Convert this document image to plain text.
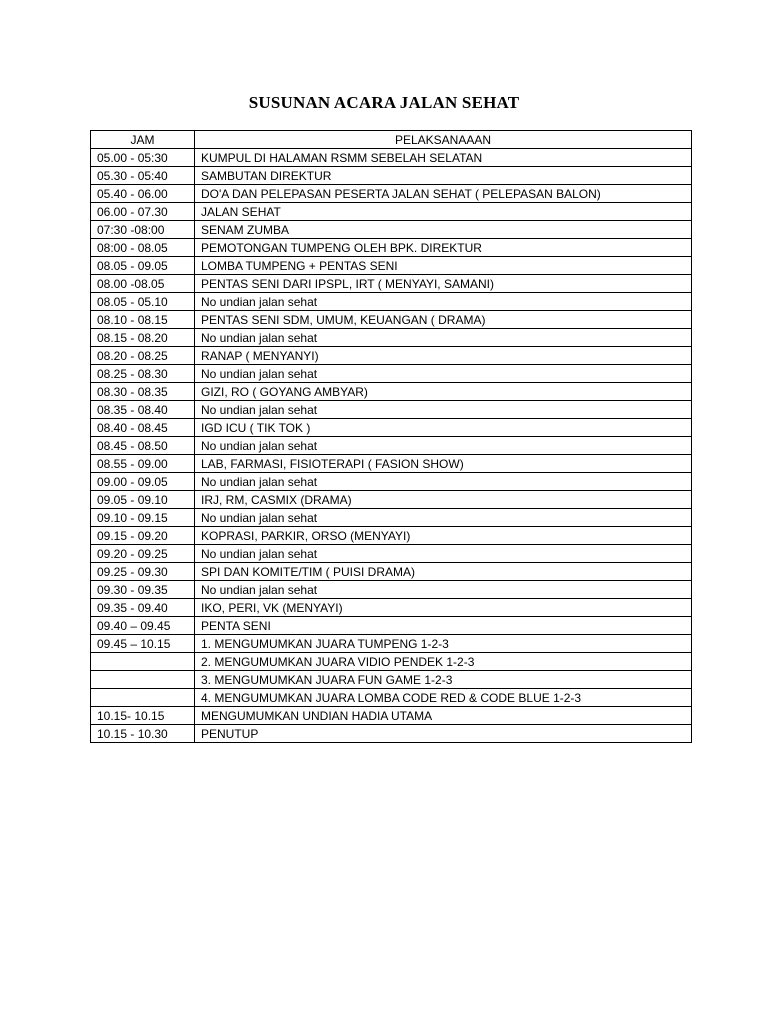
SUSUNAN ACARA JALAN SEHAT
JAM	PELAKSANAAAN
05.00 - 05:30	KUMPUL DI HALAMAN RSMM SEBELAH SELATAN
05.30 - 05:40	SAMBUTAN DIREKTUR
05.40 - 06.00	DO'A DAN PELEPASAN PESERTA JALAN SEHAT ( PELEPASAN BALON)
06.00 - 07.30	JALAN SEHAT
07:30 -08:00	SENAM ZUMBA
08:00 - 08.05	PEMOTONGAN TUMPENG OLEH BPK. DIREKTUR
08.05 - 09.05	LOMBA TUMPENG + PENTAS SENI
08.00 -08.05	PENTAS SENI DARI IPSPL, IRT ( MENYAYI, SAMANI)
08.05 - 05.10	No undian jalan sehat
08.10 - 08.15	PENTAS SENI SDM, UMUM, KEUANGAN ( DRAMA)
08.15 - 08.20	No undian jalan sehat
08.20 - 08.25	RANAP ( MENYANYI)
08.25 - 08.30	No undian jalan sehat
08.30 - 08.35	GIZI, RO ( GOYANG AMBYAR)
08.35 - 08.40	No undian jalan sehat
08.40 - 08.45	IGD ICU ( TIK TOK )
08.45 - 08.50	No undian jalan sehat
08.55 - 09.00	LAB, FARMASI, FISIOTERAPI ( FASION SHOW)
09.00 - 09.05	No undian jalan sehat
09.05 - 09.10	IRJ, RM, CASMIX (DRAMA)
09.10 - 09.15	No undian jalan sehat
09.15 - 09.20	KOPRASI, PARKIR, ORSO (MENYAYI)
09.20 - 09.25	No undian jalan sehat
09.25 - 09.30	SPI DAN KOMITE/TIM ( PUISI DRAMA)
09.30 - 09.35	No undian jalan sehat
09.35 - 09.40	IKO, PERI, VK (MENYAYI)
09.40 – 09.45	PENTA SENI
09.45 – 10.15	1. MENGUMUMKAN JUARA TUMPENG 1-2-3
	2. MENGUMUMKAN JUARA VIDIO PENDEK 1-2-3
	3. MENGUMUMKAN JUARA FUN GAME 1-2-3
	4. MENGUMUMKAN JUARA LOMBA CODE RED & CODE BLUE 1-2-3
10.15- 10.15	MENGUMUMKAN UNDIAN HADIA UTAMA
10.15 - 10.30	PENUTUP
